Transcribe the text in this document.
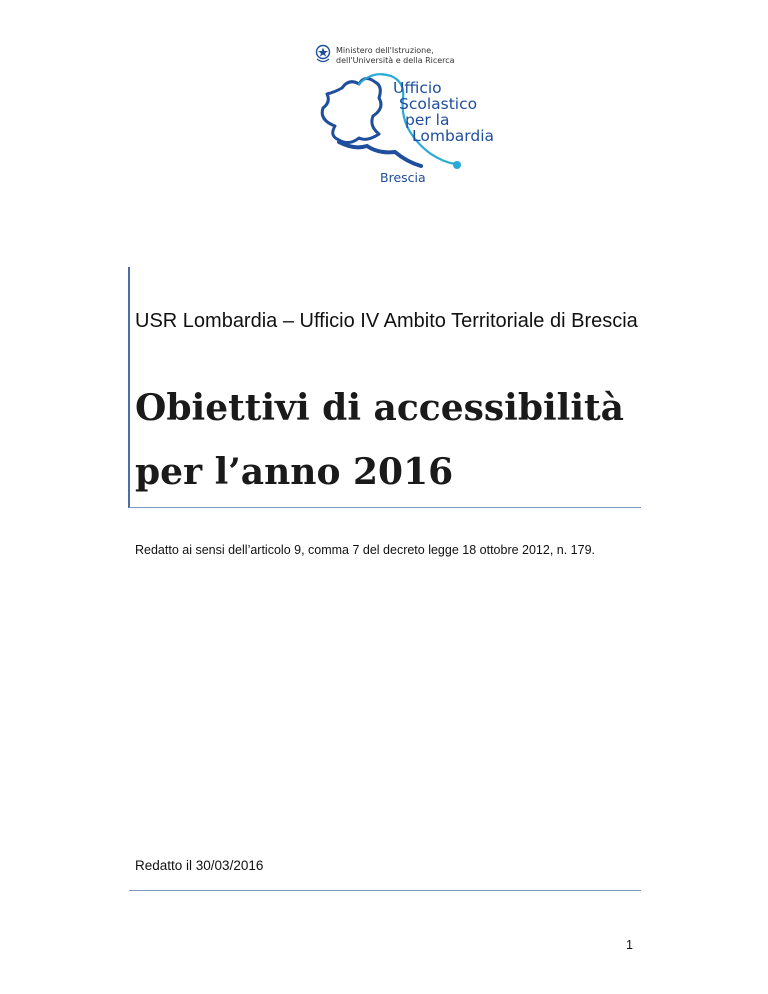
Ministero dell'Istruzione,
dell'Università e della Ricerca
Ufficio
Scolastico
per la
Lombardia
Brescia
USR Lombardia – Ufficio IV Ambito Territoriale di Brescia
Obiettivi di accessibilità
per l’anno 2016
Redatto ai sensi dell’articolo 9, comma 7 del decreto legge 18 ottobre 2012, n. 179.
Redatto il 30/03/2016
1
